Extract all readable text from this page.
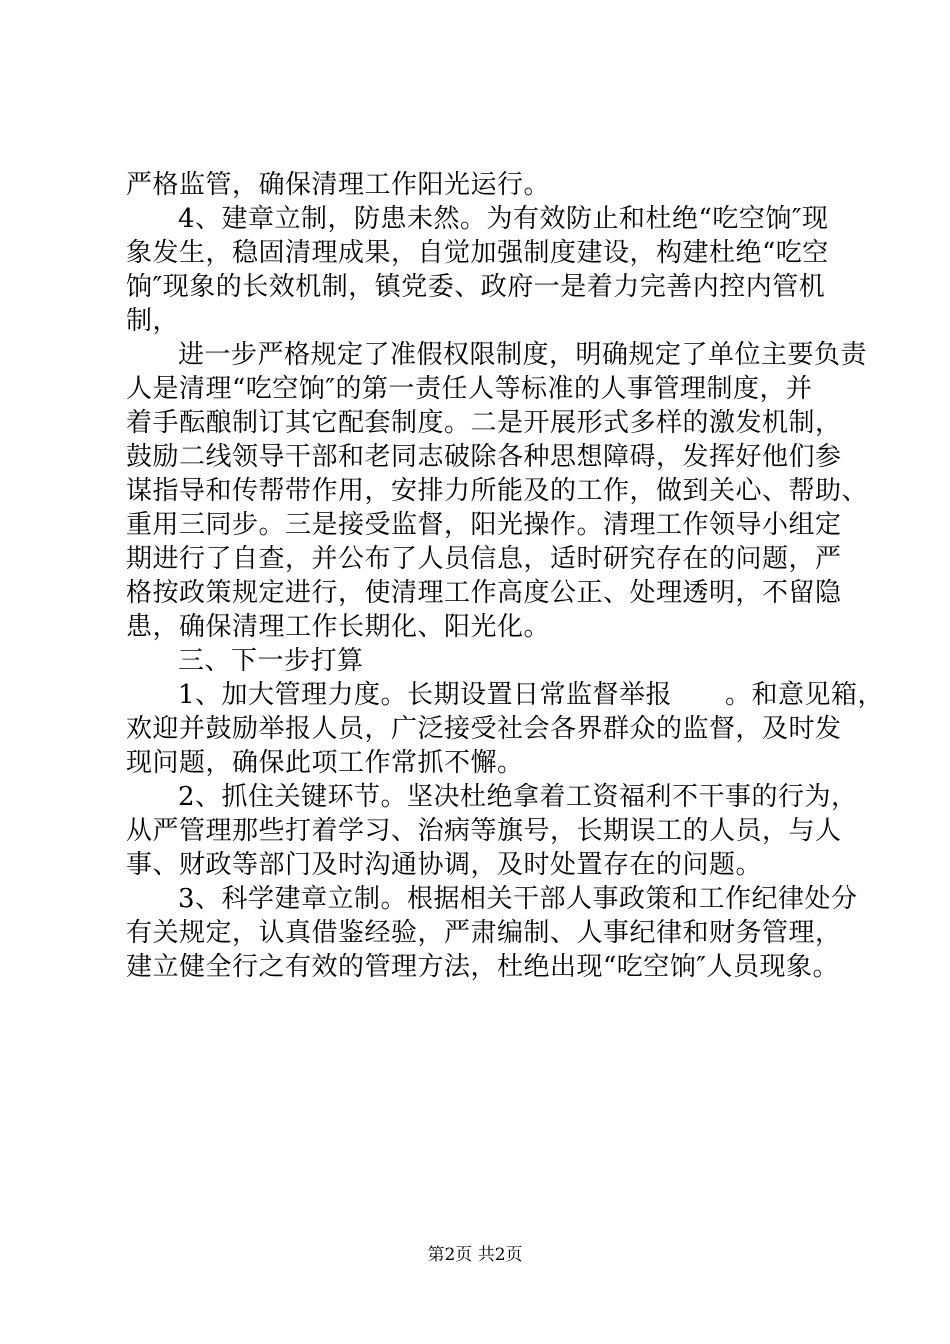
严格监管，确保清理工作阳光运行。
4、建章立制，防患未然。为有效防止和杜绝“吃空饷″现
象发生，稳固清理成果，自觉加强制度建设，构建杜绝“吃空
饷″现象的长效机制，镇党委、政府一是着力完善内控内管机
制，
进一步严格规定了准假权限制度，明确规定了单位主要负责
人是清理“吃空饷″的第一责任人等标准的人事管理制度，并
着手酝酿制订其它配套制度。二是开展形式多样的激发机制，
鼓励二线领导干部和老同志破除各种思想障碍，发挥好他们参
谋指导和传帮带作用，安排力所能及的工作，做到关心、帮助、
重用三同步。三是接受监督，阳光操作。清理工作领导小组定
期进行了自查，并公布了人员信息，适时研究存在的问题，严
格按政策规定进行，使清理工作高度公正、处理透明，不留隐
患，确保清理工作长期化、阳光化。
三、下一步打算
1、加大管理力度。长期设置日常监督举报　　。和意见箱，
欢迎并鼓励举报人员，广泛接受社会各界群众的监督，及时发
现问题，确保此项工作常抓不懈。
2、抓住关键环节。坚决杜绝拿着工资福利不干事的行为，
从严管理那些打着学习、治病等旗号，长期误工的人员，与人
事、财政等部门及时沟通协调，及时处置存在的问题。
3、科学建章立制。根据相关干部人事政策和工作纪律处分
有关规定，认真借鉴经验，严肃编制、人事纪律和财务管理，
建立健全行之有效的管理方法，杜绝出现“吃空饷″人员现象。
第2页 共2页
